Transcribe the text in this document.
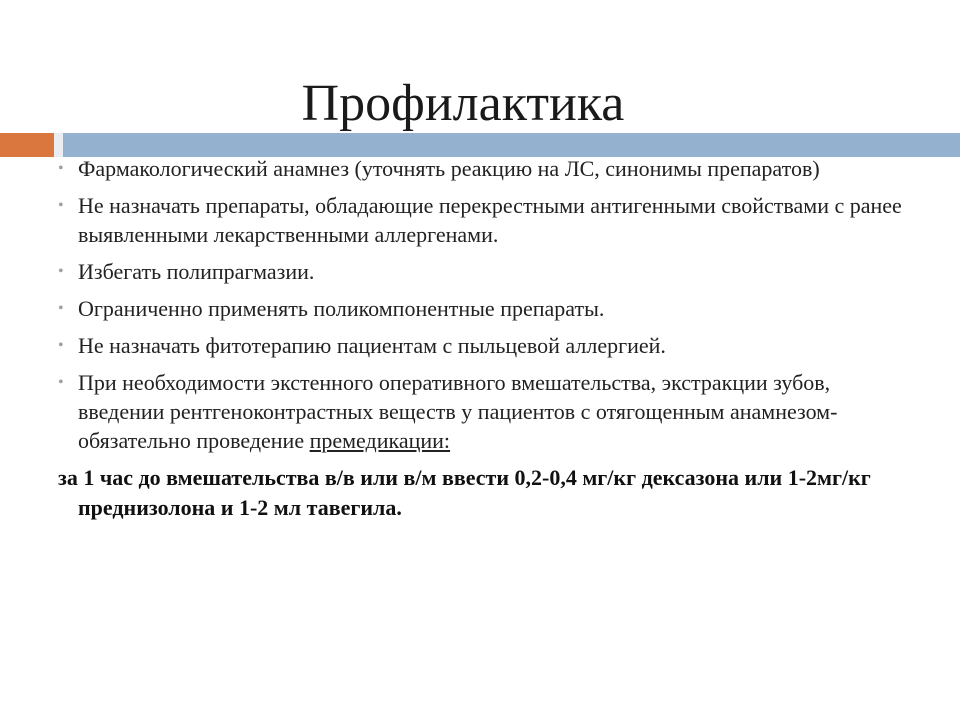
Профилактика
• Фармакологический анамнез (уточнять реакцию на ЛС, синонимы препаратов)
• Не назначать препараты, обладающие перекрестными антигенными свойствами с ранее выявленными лекарственными аллергенами.
• Избегать полипрагмазии.
• Ограниченно применять поликомпонентные препараты.
• Не назначать фитотерапию пациентам с пыльцевой аллергией.
• При необходимости экстенного оперативного вмешательства, экстракции зубов, введении рентгеноконтрастных веществ у пациентов с отягощенным анамнезом- обязательно проведение премедикации:
за 1 час до вмешательства в/в или в/м ввести 0,2-0,4 мг/кг дексазона или 1-2мг/кг преднизолона и 1-2 мл тавегила.
